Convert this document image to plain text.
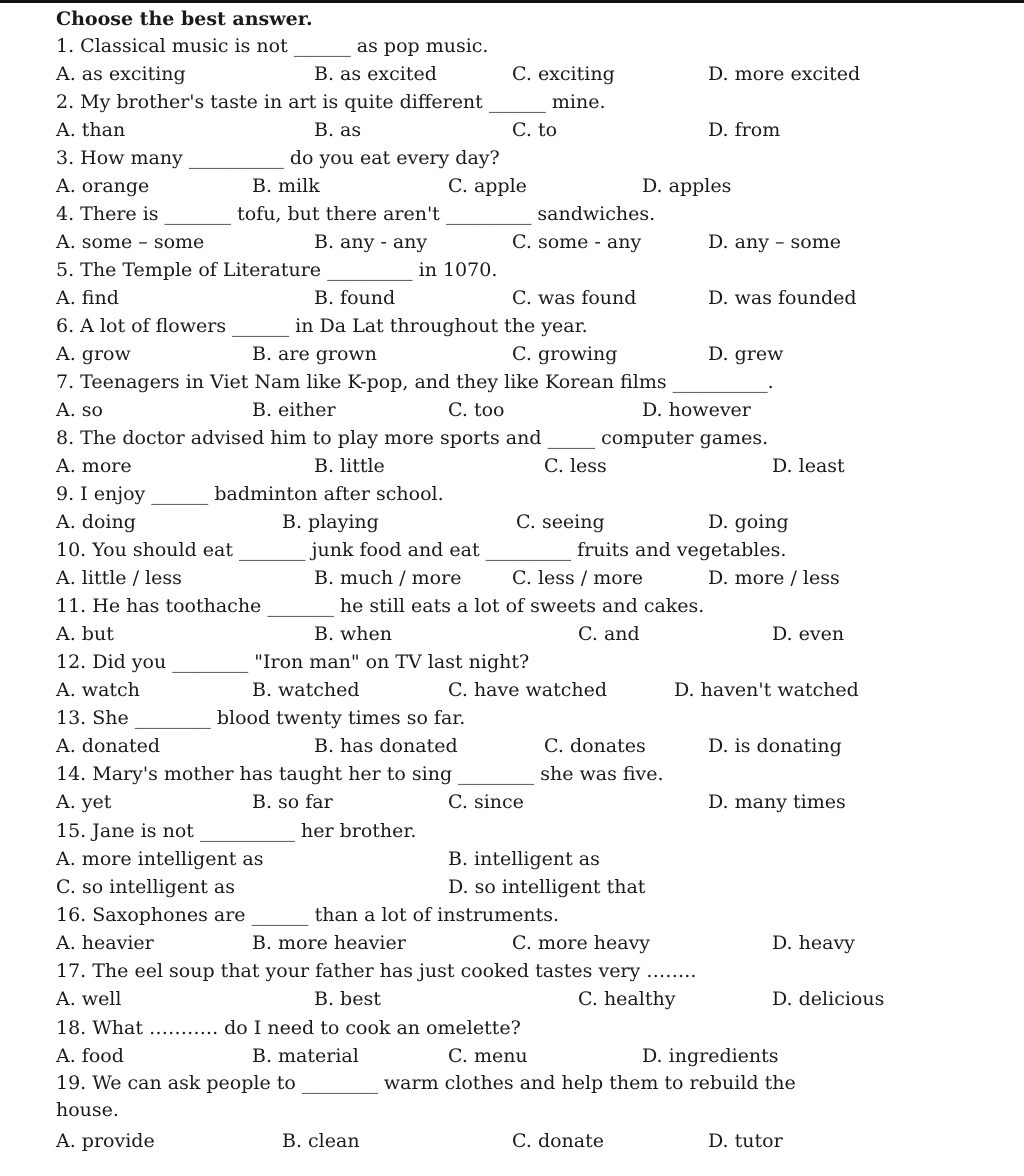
Choose the best answer.
1. Classical music is not ______ as pop music.
A. as exciting	B. as excited	C. exciting	D. more excited
2. My brother's taste in art is quite different ______ mine.
A. than	B. as	C. to	D. from
3. How many __________ do you eat every day?
A. orange	B. milk	C. apple	D. apples
4. There is _______ tofu, but there aren't _________ sandwiches.
A. some – some	B. any - any	C. some - any	D. any – some
5. The Temple of Literature _________ in 1070.
A. find	B. found	C. was found	D. was founded
6. A lot of flowers ______ in Da Lat throughout the year.
A. grow	B. are grown	C. growing	D. grew
7. Teenagers in Viet Nam like K-pop, and they like Korean films __________.
A. so	B. either	C. too	D. however
8. The doctor advised him to play more sports and _____ computer games.
A. more	B. little	C. less	D. least
9. I enjoy ______ badminton after school.
A. doing	B. playing	C. seeing	D. going
10. You should eat _______ junk food and eat _________ fruits and vegetables.
A. little / less	B. much / more	C. less / more	D. more / less
11. He has toothache _______ he still eats a lot of sweets and cakes.
A. but	B. when	C. and	D. even
12. Did you ________ "Iron man" on TV last night?
A. watch	B. watched	C. have watched	D. haven't watched
13. She ________ blood twenty times so far.
A. donated	B. has donated	C. donates	D. is donating
14. Mary's mother has taught her to sing ________ she was five.
A. yet	B. so far	C. since	D. many times
15. Jane is not __________ her brother.
A. more intelligent as	B. intelligent as
C. so intelligent as	D. so intelligent that
16. Saxophones are ______ than a lot of instruments.
A. heavier	B. more heavier	C. more heavy	D. heavy
17. The eel soup that your father has just cooked tastes very ……..
A. well	B. best	C. healthy	D. delicious
18. What ……….. do I need to cook an omelette?
A. food	B. material	C. menu	D. ingredients
19. We can ask people to ________ warm clothes and help them to rebuild the house.
A. provide	B. clean	C. donate	D. tutor
